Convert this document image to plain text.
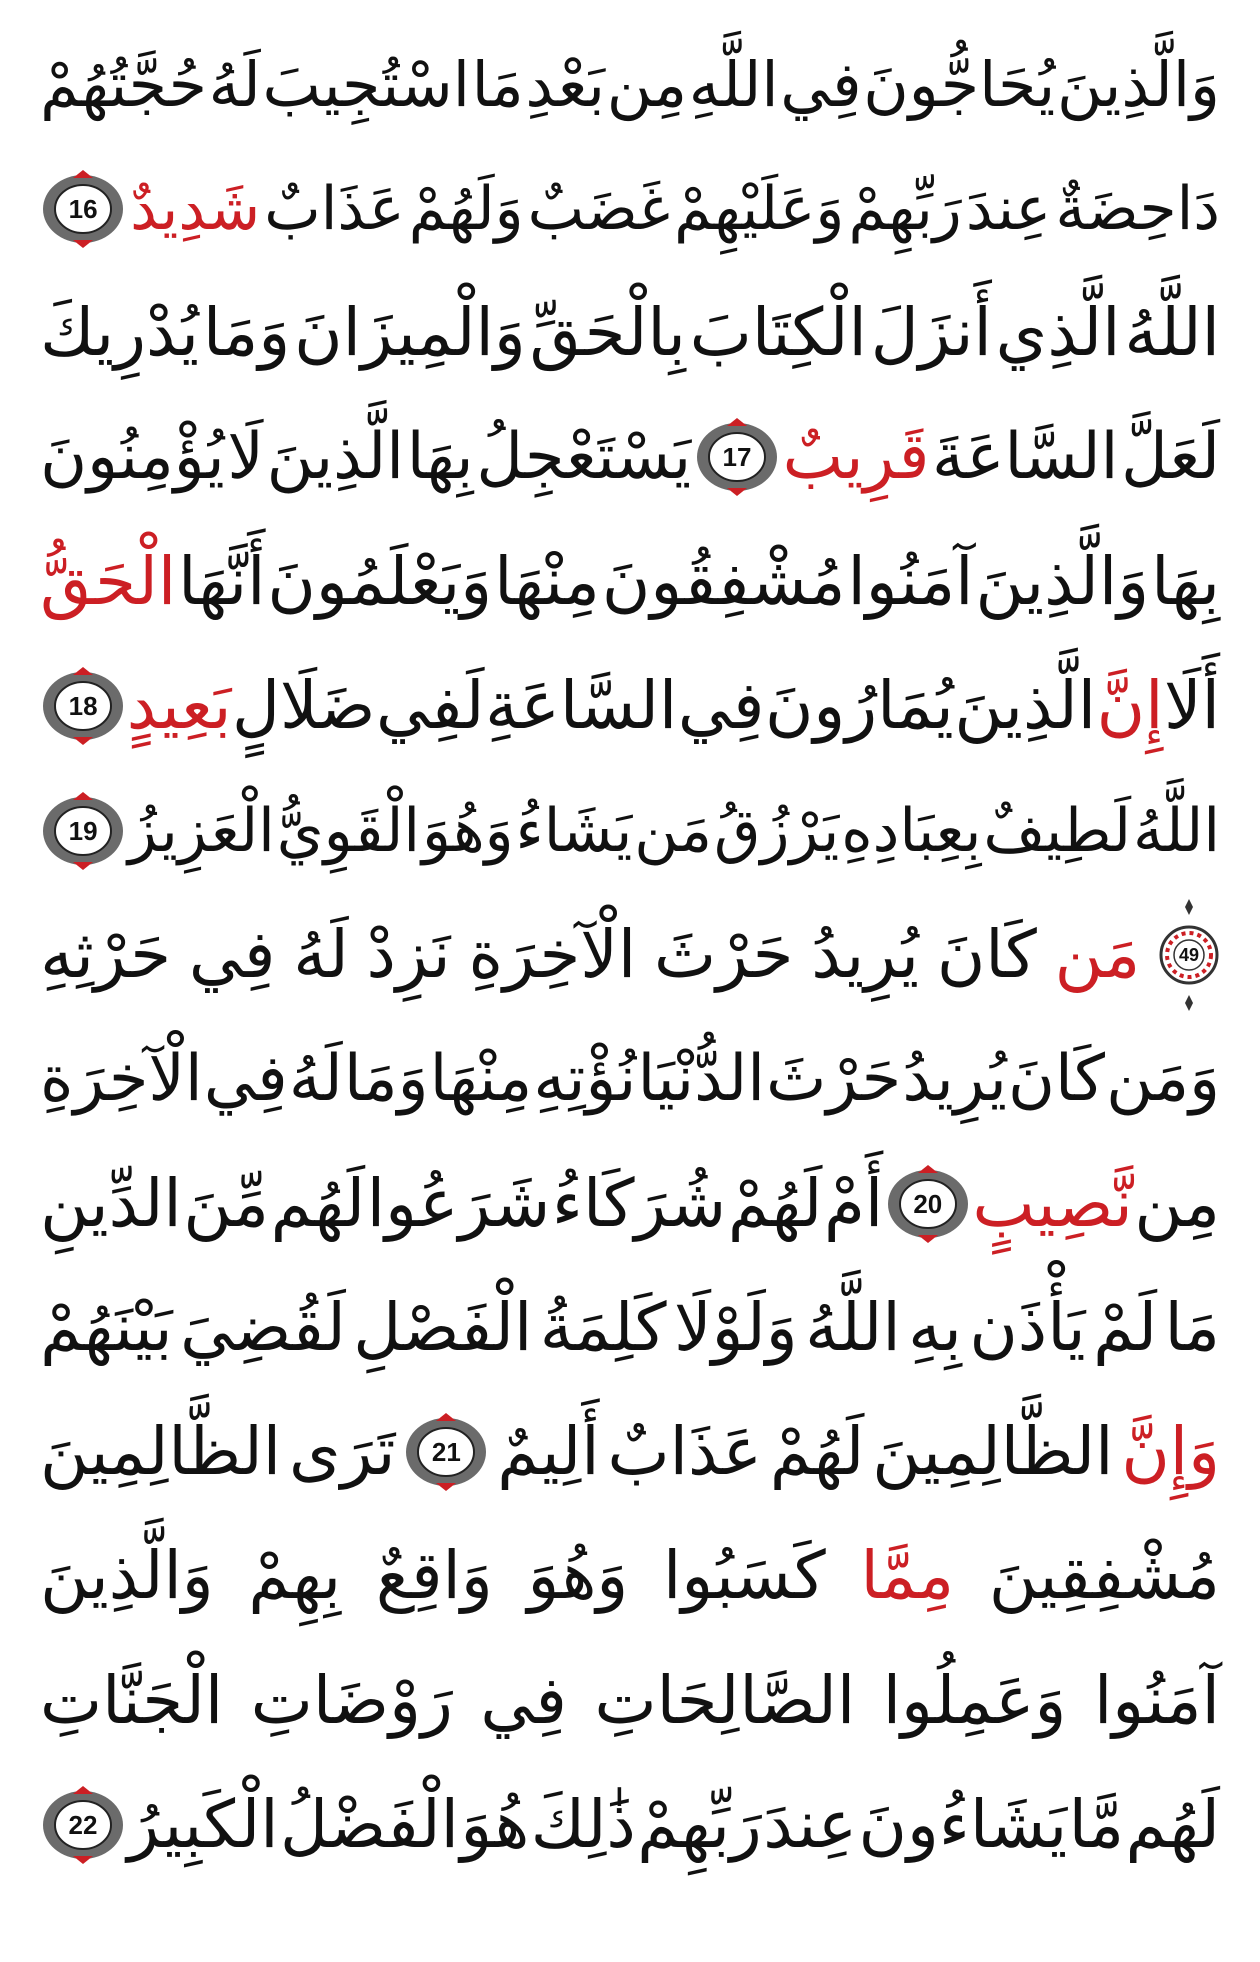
وَالَّذِينَ
يُحَاجُّونَ
فِي
اللَّهِ
مِن
بَعْدِ
مَا
اسْتُجِيبَ
لَهُ
حُجَّتُهُمْ
دَاحِضَةٌ
عِندَ
رَبِّهِمْ
وَعَلَيْهِمْ
غَضَبٌ
وَلَهُمْ
عَذَابٌ
شَدِيدٌ
16
اللَّهُ
الَّذِي
أَنزَلَ
الْكِتَابَ
بِالْحَقِّ
وَالْمِيزَانَ
وَمَا
يُدْرِيكَ
لَعَلَّ
السَّاعَةَ
قَرِيبٌ
17
يَسْتَعْجِلُ
بِهَا
الَّذِينَ
لَا
يُؤْمِنُونَ
بِهَا
وَالَّذِينَ
آمَنُوا
مُشْفِقُونَ
مِنْهَا
وَيَعْلَمُونَ
أَنَّهَا
الْحَقُّ
أَلَا
إِنَّ
الَّذِينَ
يُمَارُونَ
فِي
السَّاعَةِ
لَفِي
ضَلَالٍ
بَعِيدٍ
18
اللَّهُ
لَطِيفٌ
بِعِبَادِهِ
يَرْزُقُ
مَن
يَشَاءُ
وَهُوَ
الْقَوِيُّ
الْعَزِيزُ
19
49
مَن
كَانَ
يُرِيدُ
حَرْثَ
الْآخِرَةِ
نَزِدْ
لَهُ
فِي
حَرْثِهِ
وَمَن
كَانَ
يُرِيدُ
حَرْثَ
الدُّنْيَا
نُؤْتِهِ
مِنْهَا
وَمَا
لَهُ
فِي
الْآخِرَةِ
مِن
نَّصِيبٍ
20
أَمْ
لَهُمْ
شُرَكَاءُ
شَرَعُوا
لَهُم
مِّنَ
الدِّينِ
مَا
لَمْ
يَأْذَن
بِهِ
اللَّهُ
وَلَوْلَا
كَلِمَةُ
الْفَصْلِ
لَقُضِيَ
بَيْنَهُمْ
وَإِنَّ
الظَّالِمِينَ
لَهُمْ
عَذَابٌ
أَلِيمٌ
21
تَرَى
الظَّالِمِينَ
مُشْفِقِينَ
مِمَّا
كَسَبُوا
وَهُوَ
وَاقِعٌ
بِهِمْ
وَالَّذِينَ
آمَنُوا
وَعَمِلُوا
الصَّالِحَاتِ
فِي
رَوْضَاتِ
الْجَنَّاتِ
لَهُم
مَّا
يَشَاءُونَ
عِندَ
رَبِّهِمْ
ذَٰلِكَ
هُوَ
الْفَضْلُ
الْكَبِيرُ
22
